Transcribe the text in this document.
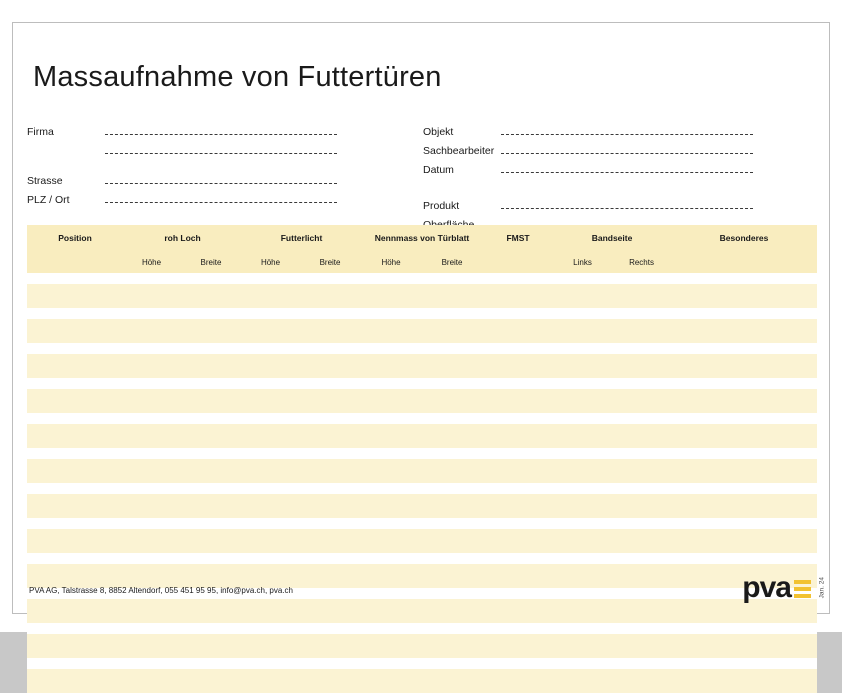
Massaufnahme von Futtertüren
Firma
Strasse
PLZ / Ort
Objekt
Sachbearbeiter
Datum
Produkt
Position	roh Loch		Futterlicht		Nennmass von Türblatt		FMST	Bandseite		Besonderes
	Höhe	Breite	Höhe	Breite	Höhe	Breite		Links	Rechts	

PVA AG, Talstrasse 8, 8852 Altendorf, 055 451 95 95, info@pva.ch, pva.ch	Jan. 24
pva
